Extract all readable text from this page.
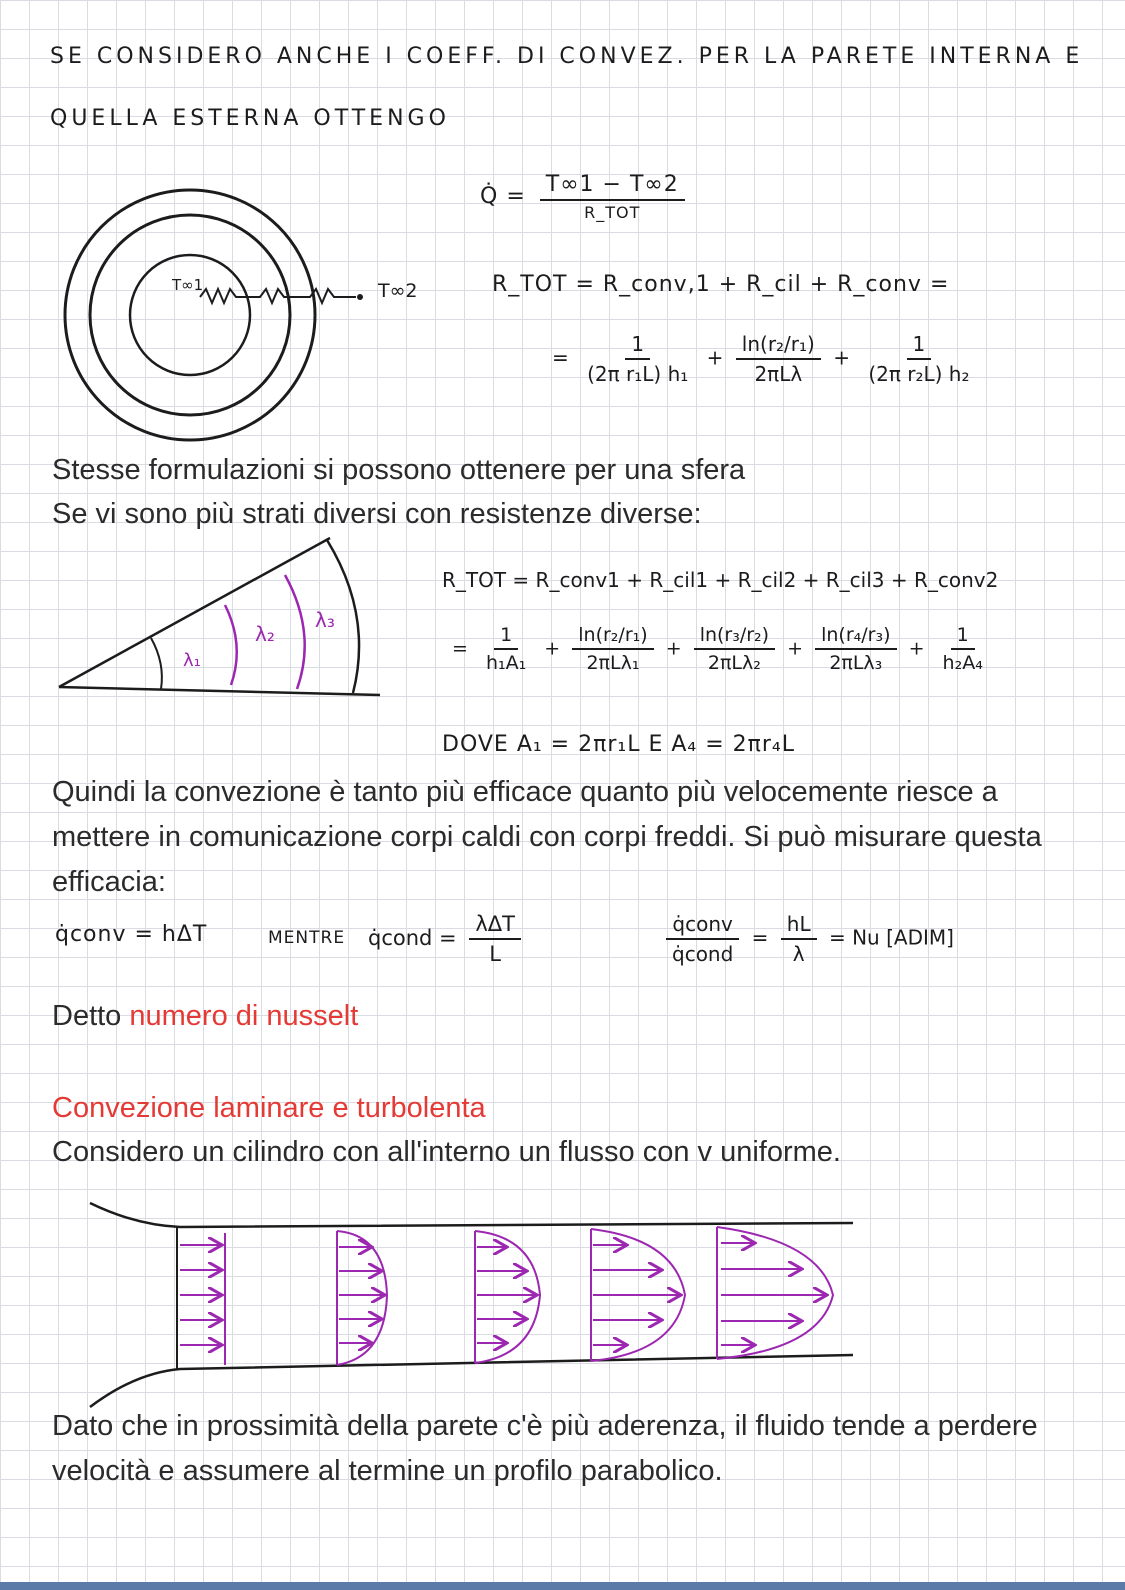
SE CONSIDERO ANCHE I COEFF. DI CONVEZ. PER LA PARETE INTERNA E
QUELLA ESTERNA OTTENGO
T∞1	T∞2
Q̇ = $\frac{T\infty 1 - T\infty 2}{\text{R\_TOT}}$
R_TOT = R_conv,1 + R_cil + R_conv =
= $\frac{1}{\text{(2π r₁L) h₁}} + \frac{\text{ln(r₂/r₁)}}{\text{2πLλ}} + \frac{1}{\text{(2π r₂L) h₂}}$
Stesse formulazioni si possono ottenere per una sfera
Se vi sono più strati diversi con resistenze diverse:
λ₁
λ₂
λ₃
R_TOT = R_conv1 + R_cil1 + R_cil2 + R_cil3 + R_conv2
= $\frac{1}{\text{h₁A₁}} + \frac{\text{ln(r₂/r₁)}}{\text{2πLλ₁}} + \frac{\text{ln(r₃/r₂)}}{\text{2πLλ₂}} + \frac{\text{ln(r₄/r₃)}}{\text{2πLλ₃}} + \frac{1}{\text{h₂A₄}}$
DOVE A₁ = 2πr₁L E A₄ = 2πr₄L
Quindi la convezione è tanto più efficace quanto più velocemente riesce a mettere in comunicazione corpi caldi con corpi freddi. Si può misurare questa efficacia:
q̇conv = hΔT	MENTRE q̇cond = $\frac{\text{λΔT}}{L}$	$\frac{\text{q̇conv}}{\text{q̇cond}} = \frac{hL}{\lambda} = Nu$ [ADIM]
Detto numero di nusselt
Convezione laminare e turbolenta
Considero un cilindro con all'interno un flusso con v uniforme.
Dato che in prossimità della parete c'è più aderenza, il fluido tende a perdere velocità e assumere al termine un profilo parabolico.
